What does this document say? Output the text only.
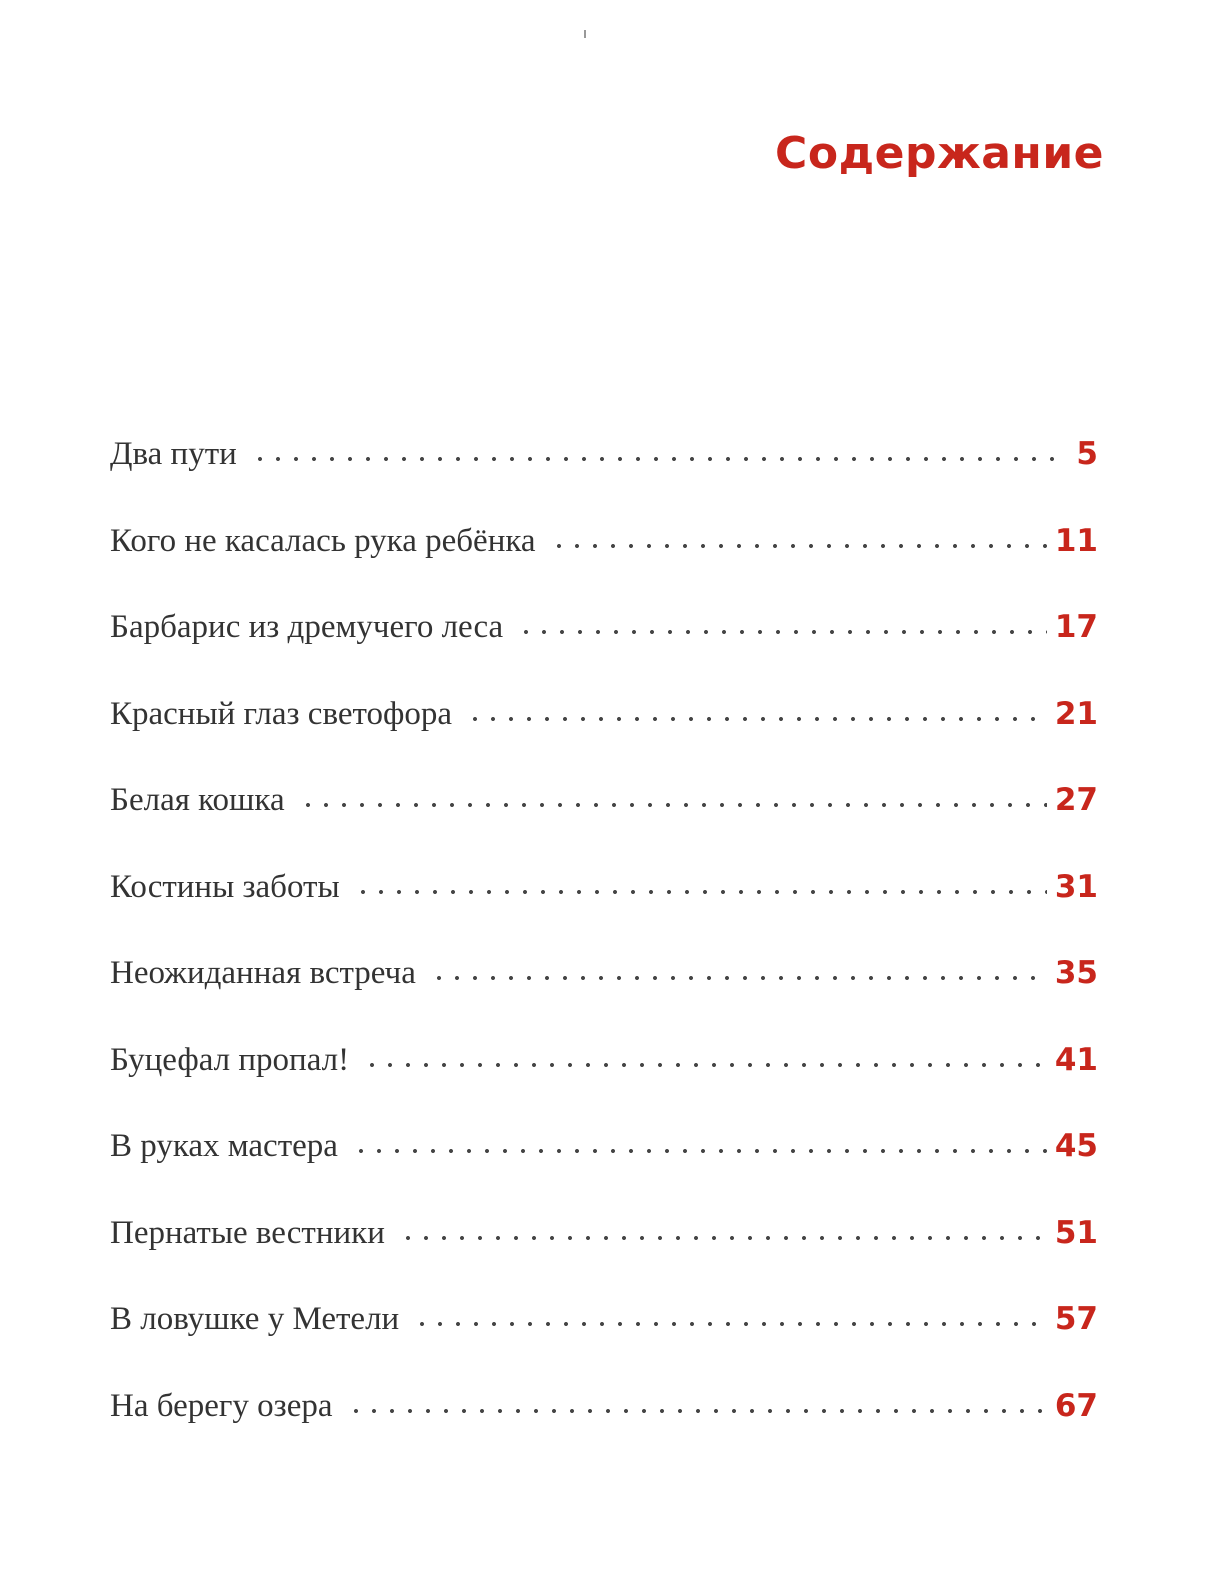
Содержание
Два пути	5
Кого не касалась рука ребёнка	11
Барбарис из дремучего леса	17
Красный глаз светофора	21
Белая кошка	27
Костины заботы	31
Неожиданная встреча	35
Буцефал пропал!	41
В руках мастера	45
Пернатые вестники	51
В ловушке у Метели	57
На берегу озера	67
